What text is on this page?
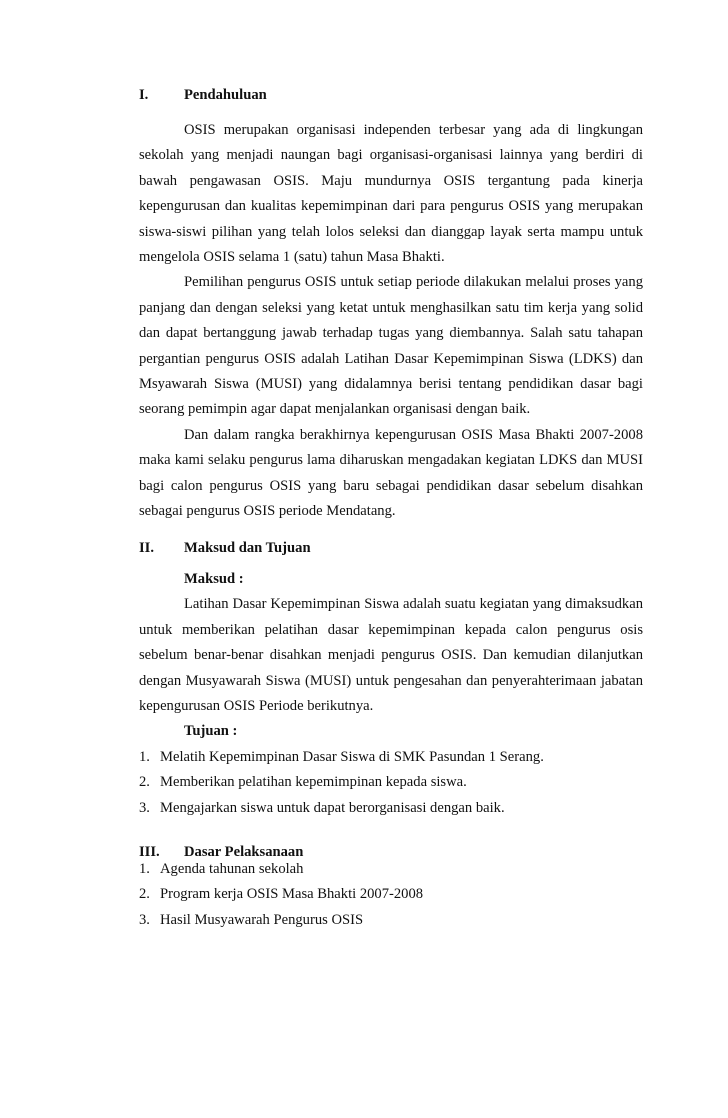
I. Pendahuluan

OSIS merupakan organisasi independen terbesar yang ada di lingkungan sekolah yang menjadi naungan bagi organisasi-organisasi lainnya yang berdiri di bawah pengawasan OSIS. Maju mundurnya OSIS tergantung pada kinerja kepengurusan dan kualitas kepemimpinan dari para pengurus OSIS yang merupakan siswa-siswi pilihan yang telah lolos seleksi dan dianggap layak serta mampu untuk mengelola OSIS selama 1 (satu) tahun Masa Bhakti.

Pemilihan pengurus OSIS untuk setiap periode dilakukan melalui proses yang panjang dan dengan seleksi yang ketat untuk menghasilkan satu tim kerja yang solid dan dapat bertanggung jawab terhadap tugas yang diembannya. Salah satu tahapan pergantian pengurus OSIS adalah Latihan Dasar Kepemimpinan Siswa (LDKS) dan Msyawarah Siswa (MUSI) yang didalamnya berisi tentang pendidikan dasar bagi seorang pemimpin agar dapat menjalankan organisasi dengan baik.

Dan dalam rangka berakhirnya kepengurusan OSIS Masa Bhakti 2007-2008 maka kami selaku pengurus lama diharuskan mengadakan kegiatan LDKS dan MUSI bagi calon pengurus OSIS yang baru sebagai pendidikan dasar sebelum disahkan sebagai pengurus OSIS periode Mendatang.

II. Maksud dan Tujuan
Maksud :

Latihan Dasar Kepemimpinan Siswa adalah suatu kegiatan yang dimaksudkan untuk memberikan pelatihan dasar kepemimpinan kepada calon pengurus osis sebelum benar-benar disahkan menjadi pengurus OSIS. Dan kemudian dilanjutkan dengan Musyawarah Siswa (MUSI) untuk pengesahan dan penyerahterimaan jabatan kepengurusan OSIS Periode berikutnya.

Tujuan :
1. Melatih Kepemimpinan Dasar Siswa di SMK Pasundan 1 Serang.
2. Memberikan pelatihan kepemimpinan kepada siswa.
3. Mengajarkan siswa untuk dapat berorganisasi dengan baik.
III. Dasar Pelaksanaan
1. Agenda tahunan sekolah
2. Program kerja OSIS Masa Bhakti 2007-2008
3. Hasil Musyawarah Pengurus OSIS
